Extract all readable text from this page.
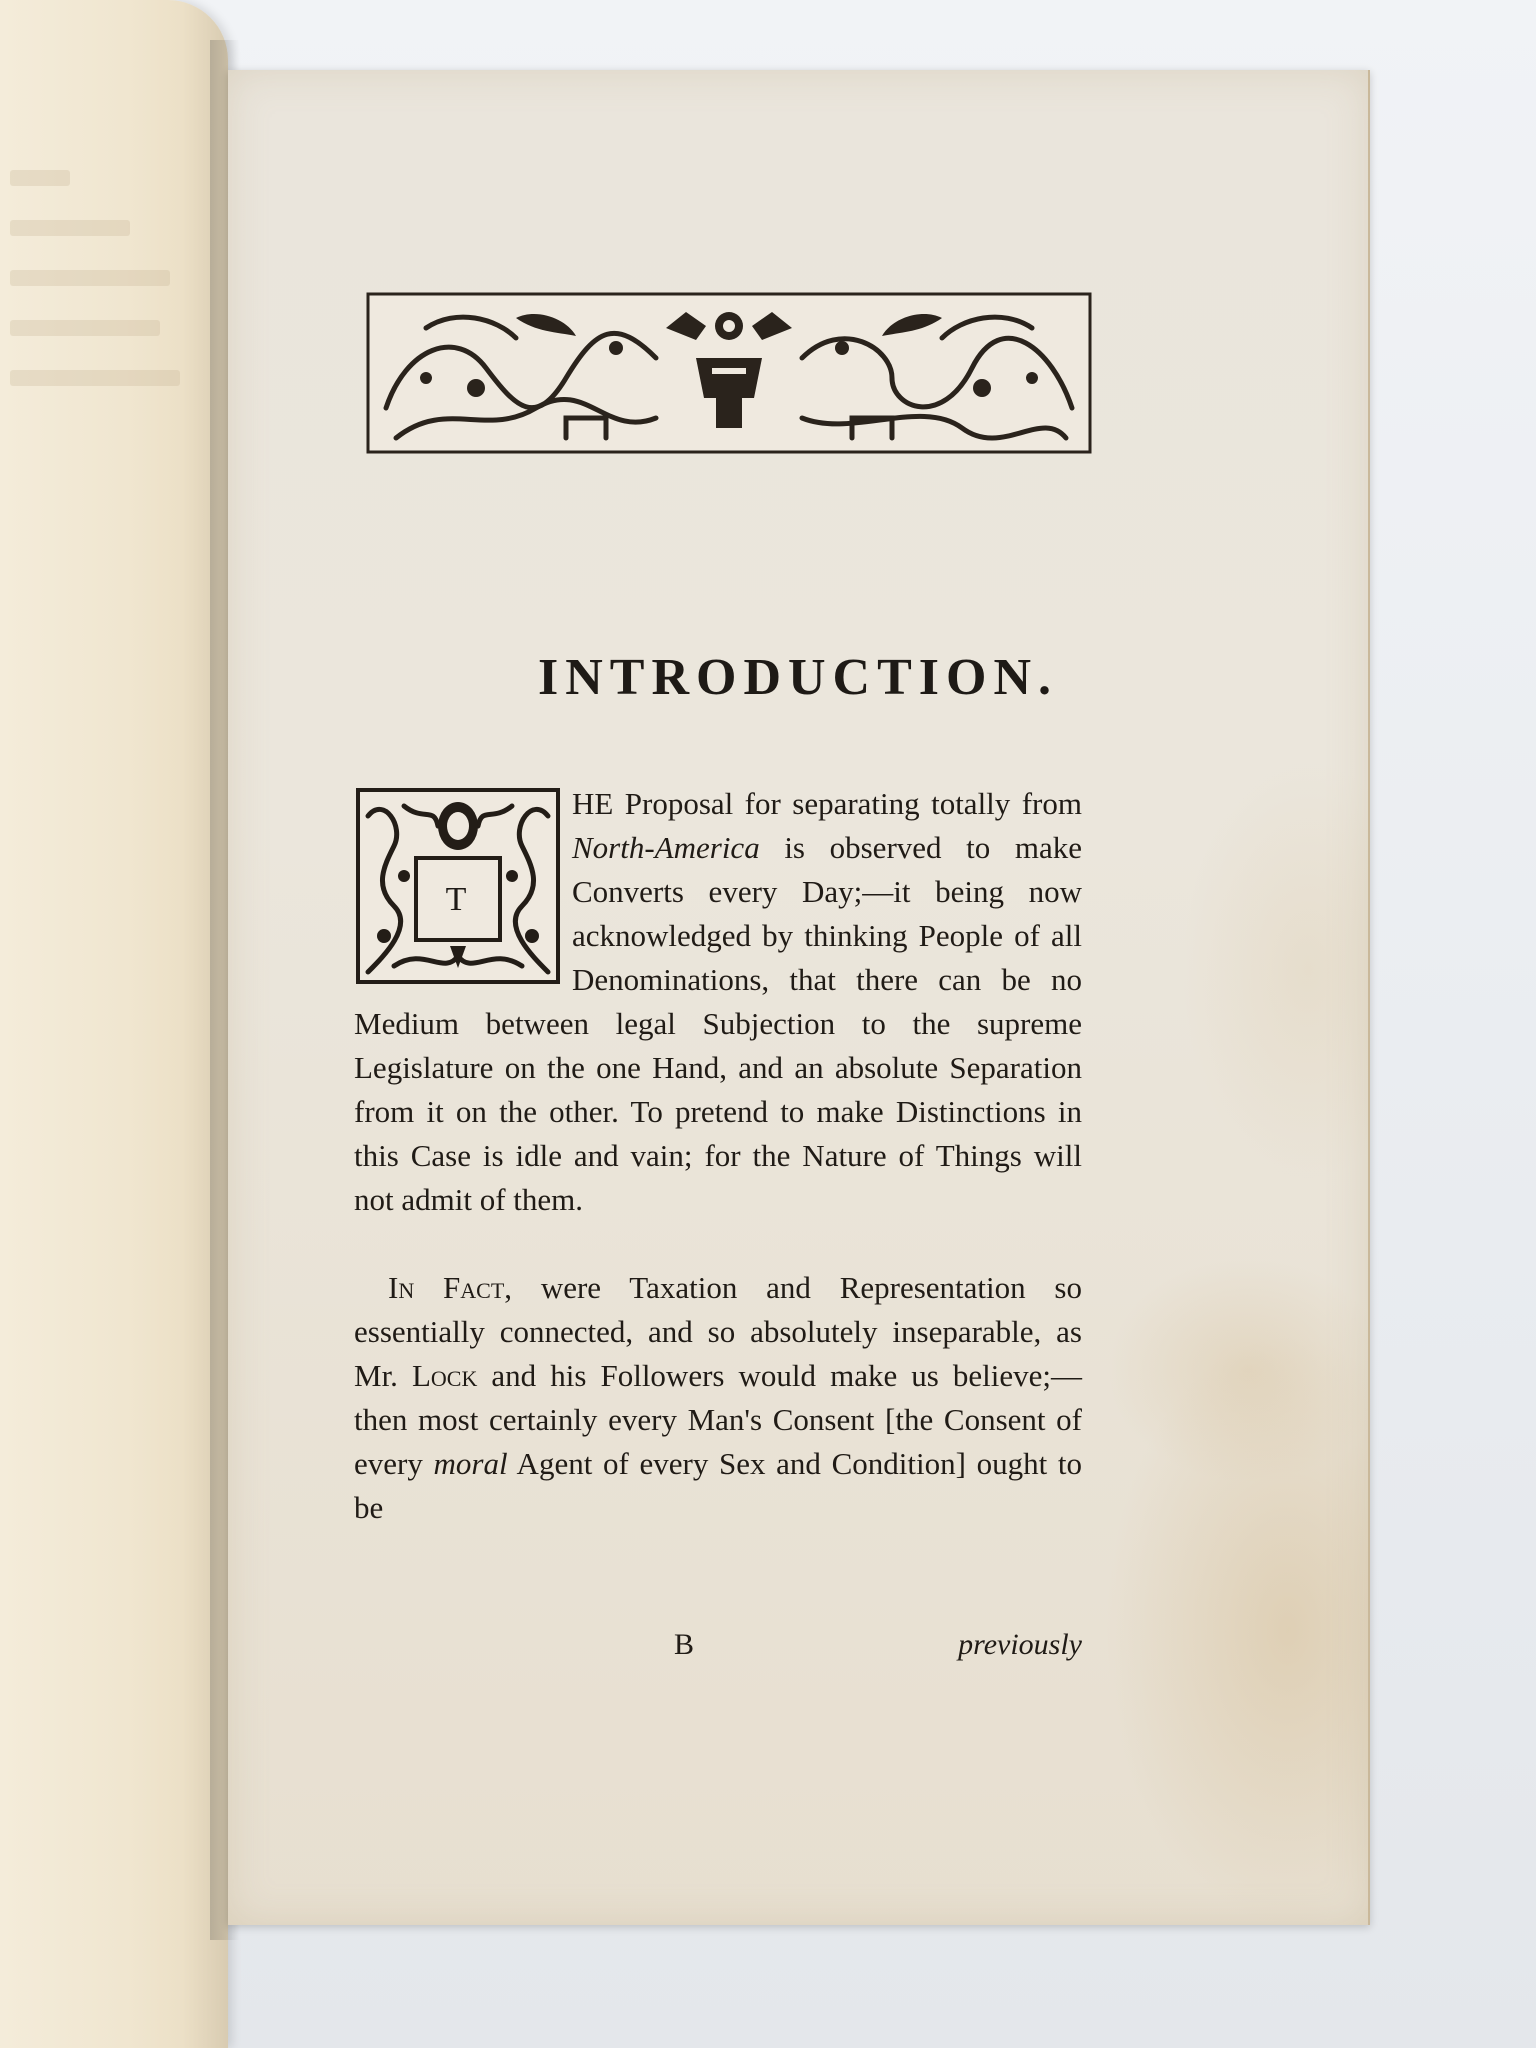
INTRODUCTION.
T

HE Proposal for separating totally from North-America is observed to make Converts every Day;—it being now acknowledged by thinking People of all Denominations, that there can be no Medium between legal Subjection to the supreme Legislature on the one Hand, and an absolute Separation from it on the other. To pretend to make Distinctions in this Case is idle and vain; for the Nature of Things will not admit of them.

In Fact, were Taxation and Representation so essentially connected, and so absolutely inseparable, as Mr. Lock and his Followers would make us believe;—then most certainly every Man's Consent [the Consent of every moral Agent of every Sex and Condition] ought to be

B	previously
